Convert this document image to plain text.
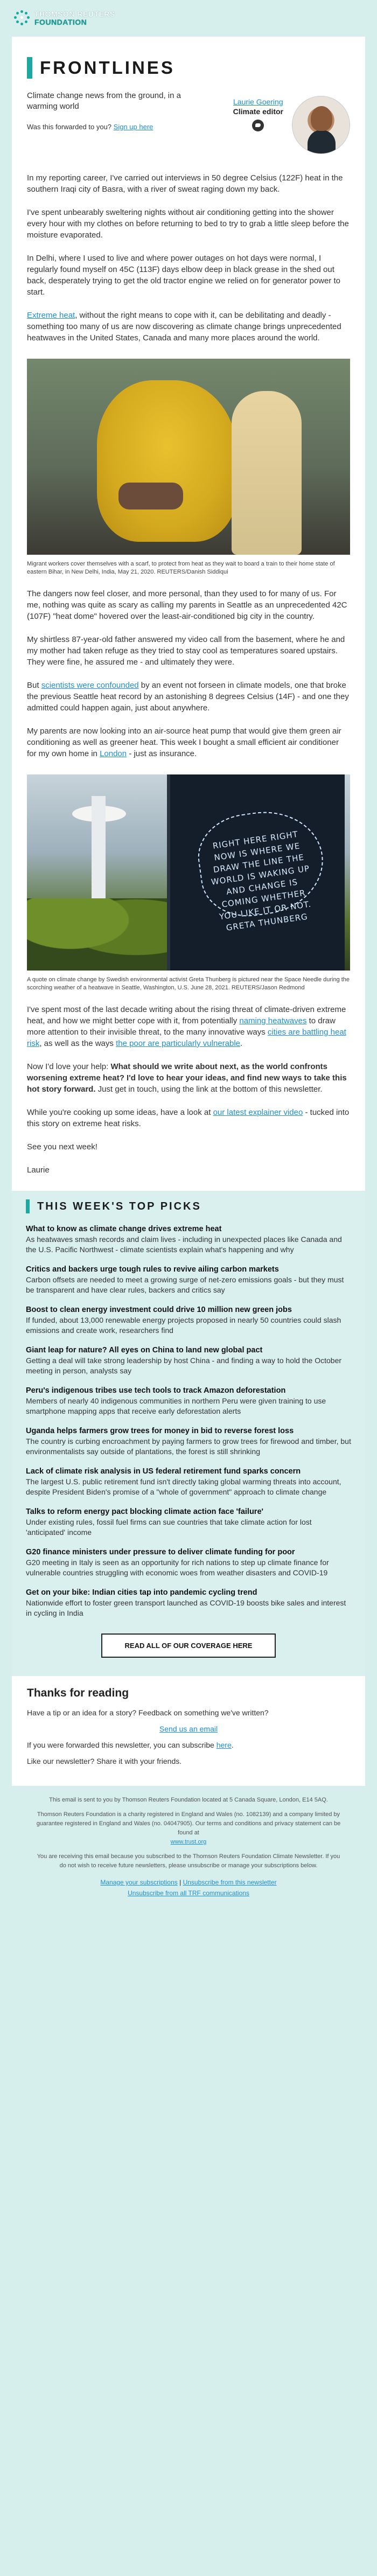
THOMSON REUTERS
FOUNDATION
FRONTLINES

Climate change news from the ground, in a warming world

Was this forwarded to you? Sign up here

Laurie Goering
Climate editor

In my reporting career, I've carried out interviews in 50 degree Celsius (122F) heat in the southern Iraqi city of Basra, with a river of sweat raging down my back.

I've spent unbearably sweltering nights without air conditioning getting into the shower every hour with my clothes on before returning to bed to try to grab a little sleep before the moisture evaporated.

In Delhi, where I used to live and where power outages on hot days were normal, I regularly found myself on 45C (113F) days elbow deep in black grease in the shed out back, desperately trying to get the old tractor engine we relied on for generator power to start.

Extreme heat, without the right means to cope with it, can be debilitating and deadly - something too many of us are now discovering as climate change brings unprecedented heatwaves in the United States, Canada and many more places around the world.

Migrant workers cover themselves with a scarf, to protect from heat as they wait to board a train to their home state of eastern Bihar, in New Delhi, India, May 21, 2020. REUTERS/Danish Siddiqui

The dangers now feel closer, and more personal, than they used to for many of us. For me, nothing was quite as scary as calling my parents in Seattle as an unprecedented 42C (107F) "heat dome" hovered over the least-air-conditioned big city in the country.

My shirtless 87-year-old father answered my video call from the basement, where he and my mother had taken refuge as they tried to stay cool as temperatures soared upstairs. They were fine, he assured me - and ultimately they were.

But scientists were confounded by an event not forseen in climate models, one that broke the previous Seattle heat record by an astonishing 8 degrees Celsius (14F) - and one they admitted could happen again, just about anywhere.

My parents are now looking into an air-source heat pump that would give them green air conditioning as well as greener heat. This week I bought a small efficient air conditioner for my own home in London - just as insurance.

RIGHT HERE RIGHT NOW IS WHERE WE DRAW THE LINE THE WORLD IS WAKING UP AND CHANGE IS COMING WHETHER YOU LIKE IT OR NOT. GRETA THUNBERG

A quote on climate change by Swedish environmental activist Greta Thunberg is pictured near the Space Needle during the scorching weather of a heatwave in Seattle, Washington, U.S. June 28, 2021. REUTERS/Jason Redmond

I've spent most of the last decade writing about the rising threat of climate-driven extreme heat, and how we might better cope with it, from potentially naming heatwaves to draw more attention to their invisible threat, to the many innovative ways cities are battling heat risk, as well as the ways the poor are particularly vulnerable.

Now I'd love your help: What should we write about next, as the world confronts worsening extreme heat? I'd love to hear your ideas, and find new ways to take this hot story forward. Just get in touch, using the link at the bottom of this newsletter.

While you're cooking up some ideas, have a look at our latest explainer video - tucked into this story on extreme heat risks.

See you next week!

Laurie

THIS WEEK'S TOP PICKS
What to know as climate change drives extreme heat
As heatwaves smash records and claim lives - including in unexpected places like Canada and the U.S. Pacific Northwest - climate scientists explain what's happening and why
Critics and backers urge tough rules to revive ailing carbon markets
Carbon offsets are needed to meet a growing surge of net-zero emissions goals - but they must be transparent and have clear rules, backers and critics say
Boost to clean energy investment could drive 10 million new green jobs
If funded, about 13,000 renewable energy projects proposed in nearly 50 countries could slash emissions and create work, researchers find
Giant leap for nature? All eyes on China to land new global pact
Getting a deal will take strong leadership by host China - and finding a way to hold the October meeting in person, analysts say
Peru's indigenous tribes use tech tools to track Amazon deforestation
Members of nearly 40 indigenous communities in northern Peru were given training to use smartphone mapping apps that receive early deforestation alerts
Uganda helps farmers grow trees for money in bid to reverse forest loss
The country is curbing encroachment by paying farmers to grow trees for firewood and timber, but environmentalists say outside of plantations, the forest is still shrinking
Lack of climate risk analysis in US federal retirement fund sparks concern
The largest U.S. public retirement fund isn't directly taking global warming threats into account, despite President Biden's promise of a "whole of government" approach to climate change
Talks to reform energy pact blocking climate action face 'failure'
Under existing rules, fossil fuel firms can sue countries that take climate action for lost 'anticipated' income
G20 finance ministers under pressure to deliver climate funding for poor
G20 meeting in Italy is seen as an opportunity for rich nations to step up climate finance for vulnerable countries struggling with economic woes from weather disasters and COVID-19
Get on your bike: Indian cities tap into pandemic cycling trend
Nationwide effort to foster green transport launched as COVID-19 boosts bike sales and interest in cycling in India
READ ALL OF OUR COVERAGE HERE
Thanks for reading

Have a tip or an idea for a story? Feedback on something we've written?

Send us an email

If you were forwarded this newsletter, you can subscribe here.

Like our newsletter? Share it with your friends.

This email is sent to you by Thomson Reuters Foundation located at 5 Canada Square, London, E14 5AQ.

Thomson Reuters Foundation is a charity registered in England and Wales (no. 1082139) and a company limited by guarantee registered in England and Wales (no. 04047905). Our terms and conditions and privacy statement can be found at
www.trust.org

You are receiving this email because you subscribed to the Thomson Reuters Foundation Climate Newsletter. If you do not wish to receive future newsletters, please unsubscribe or manage your subscriptions below.

Manage your subscriptions | Unsubscribe from this newsletter
Unsubscribe from all TRF communications
